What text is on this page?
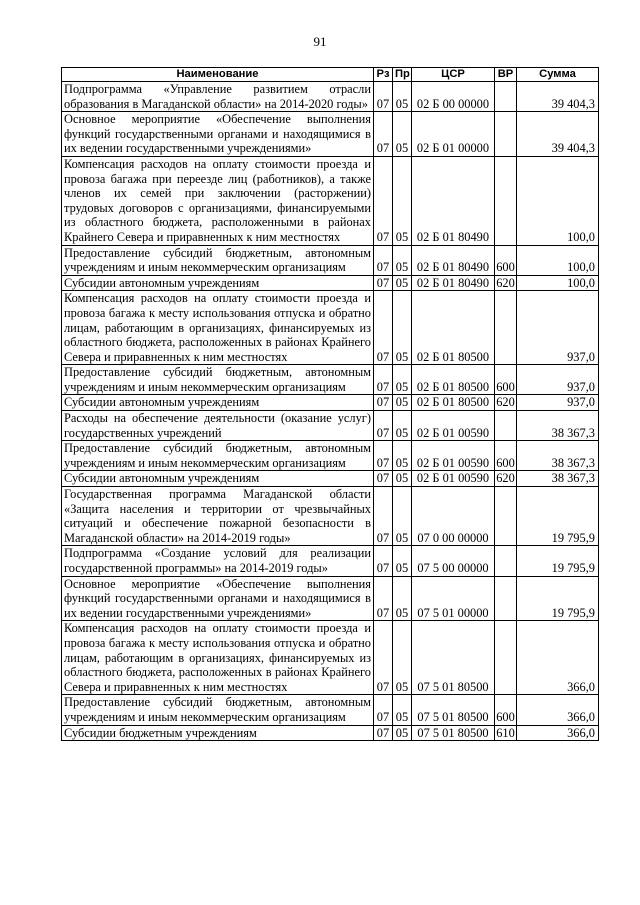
91
Наименование	Рз	Пр	ЦСР	ВР	Сумма
Подпрограмма «Управление развитием отрасли образования в Магаданской области» на 2014-2020 годы»	07	05	02 Б 00 00000		39 404,3
Основное мероприятие «Обеспечение выполнения функций государственными органами и находящимися в их ведении государственными учреждениями»	07	05	02 Б 01 00000		39 404,3
Компенсация расходов на оплату стоимости проезда и провоза багажа при переезде лиц (работников), а также членов их семей при заключении (расторжении) трудовых договоров с организациями, финансируемыми из областного бюджета, расположенными в районах Крайнего Севера и приравненных к ним местностях	07	05	02 Б 01 80490		100,0
Предоставление субсидий бюджетным, автономным учреждениям и иным некоммерческим организациям	07	05	02 Б 01 80490	600	100,0
Субсидии автономным учреждениям	07	05	02 Б 01 80490	620	100,0
Компенсация расходов на оплату стоимости проезда и провоза багажа к месту использования отпуска и обратно лицам, работающим в организациях, финансируемых из областного бюджета, расположенных в районах Крайнего Севера и приравненных к ним местностях	07	05	02 Б 01 80500		937,0
Предоставление субсидий бюджетным, автономным учреждениям и иным некоммерческим организациям	07	05	02 Б 01 80500	600	937,0
Субсидии автономным учреждениям	07	05	02 Б 01 80500	620	937,0
Расходы на обеспечение деятельности (оказание услуг) государственных учреждений	07	05	02 Б 01 00590		38 367,3
Предоставление субсидий бюджетным, автономным учреждениям и иным некоммерческим организациям	07	05	02 Б 01 00590	600	38 367,3
Субсидии автономным учреждениям	07	05	02 Б 01 00590	620	38 367,3
Государственная программа Магаданской области «Защита населения и территории от чрезвычайных ситуаций и обеспечение пожарной безопасности в Магаданской области» на 2014-2019 годы»	07	05	07 0 00 00000		19 795,9
Подпрограмма «Создание условий для реализации государственной программы» на 2014-2019 годы»	07	05	07 5 00 00000		19 795,9
Основное мероприятие «Обеспечение выполнения функций государственными органами и находящимися в их ведении государственными учреждениями»	07	05	07 5 01 00000		19 795,9
Компенсация расходов на оплату стоимости проезда и провоза багажа к месту использования отпуска и обратно лицам, работающим в организациях, финансируемых из областного бюджета, расположенных в районах Крайнего Севера и приравненных к ним местностях	07	05	07 5 01 80500		366,0
Предоставление субсидий бюджетным, автономным учреждениям и иным некоммерческим организациям	07	05	07 5 01 80500	600	366,0
Субсидии бюджетным учреждениям	07	05	07 5 01 80500	610	366,0
